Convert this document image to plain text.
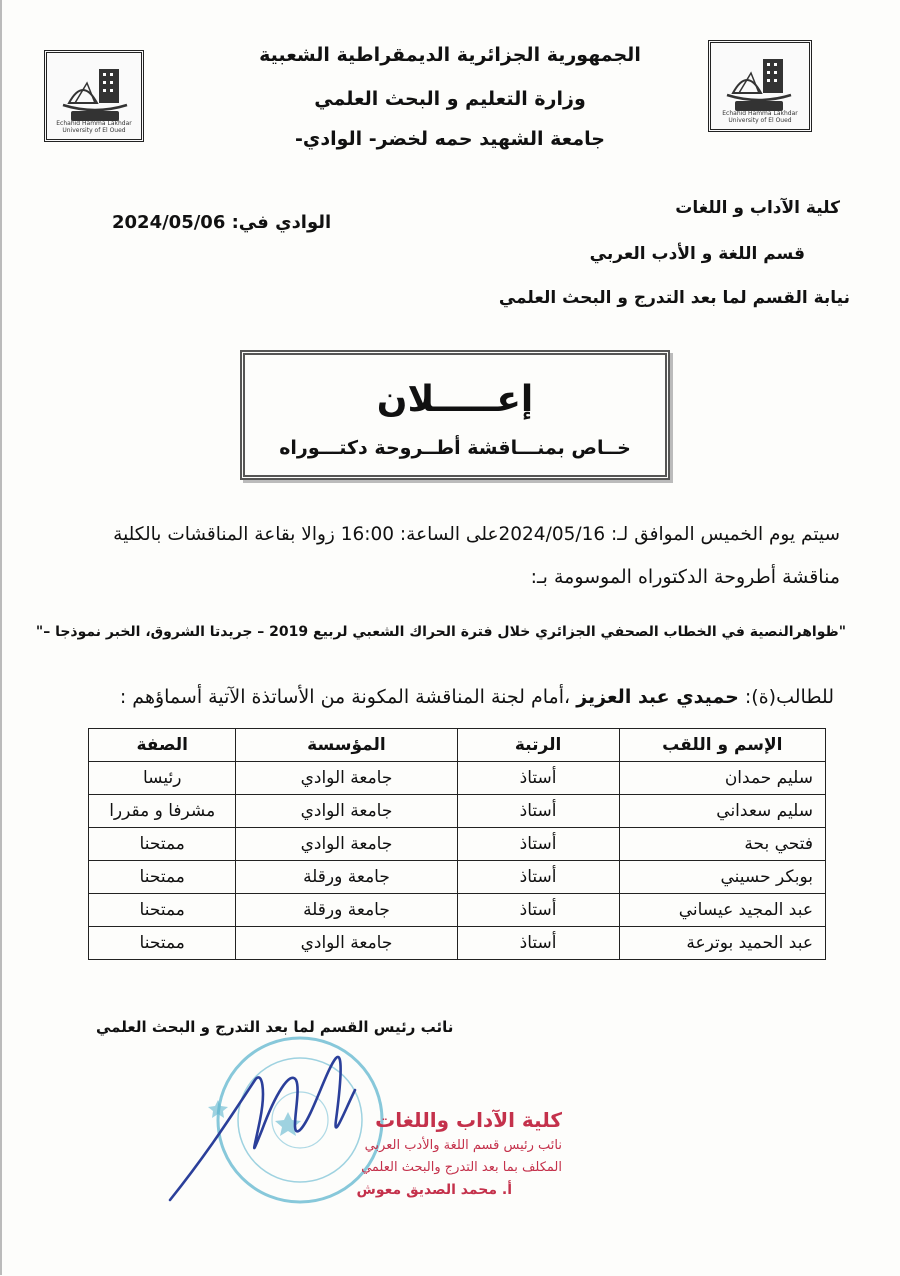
Echahid Hamma Lakhdar University of El Oued
Echahid Hamma Lakhdar University of El Oued
الجمهورية الجزائرية الديمقراطية الشعبية
وزارة التعليم و البحث العلمي
جامعة الشهيد حمه لخضر- الوادي-
كلية الآداب و اللغات
قسم اللغة و الأدب العربي
نيابة القسم لما بعد التدرج و البحث العلمي
الوادي في: 2024/05/06
إعـــــلان
خــاص بمنـــاقشة أطــروحة دكتـــوراه
سيتم يوم الخميس الموافق لـ: 2024/05/16على الساعة: 16:00 زوالا بقاعة المناقشات بالكلية
مناقشة أطروحة الدكتوراه الموسومة بـ:
"ظواهرالنصية في الخطاب الصحفي الجزائري خلال فترة الحراك الشعبي لربيع 2019 – جريدتا الشروق، الخبر نموذجا –"
للطالب(ة): حميدي عبد العزيز ،أمام لجنة المناقشة المكونة من الأساتذة الآتية أسماؤهم :
الإسم و اللقب	الرتبة	المؤسسة	الصفة
سليم حمدان	أستاذ	جامعة الوادي	رئيسا
سليم سعداني	أستاذ	جامعة الوادي	مشرفا و مقررا
فتحي بحة	أستاذ	جامعة الوادي	ممتحنا
بوبكر حسيني	أستاذ	جامعة ورقلة	ممتحنا
عبد المجيد عيساني	أستاذ	جامعة ورقلة	ممتحنا
عبد الحميد بوترعة	أستاذ	جامعة الوادي	ممتحنا
نائب رئيس القسم لما بعد التدرج و البحث العلمي
كلية الآداب واللغات
نائب رئيس قسم اللغة والأدب العربي
المكلف بما بعد التدرج والبحث العلمي
أ. محمد الصديق معوش
